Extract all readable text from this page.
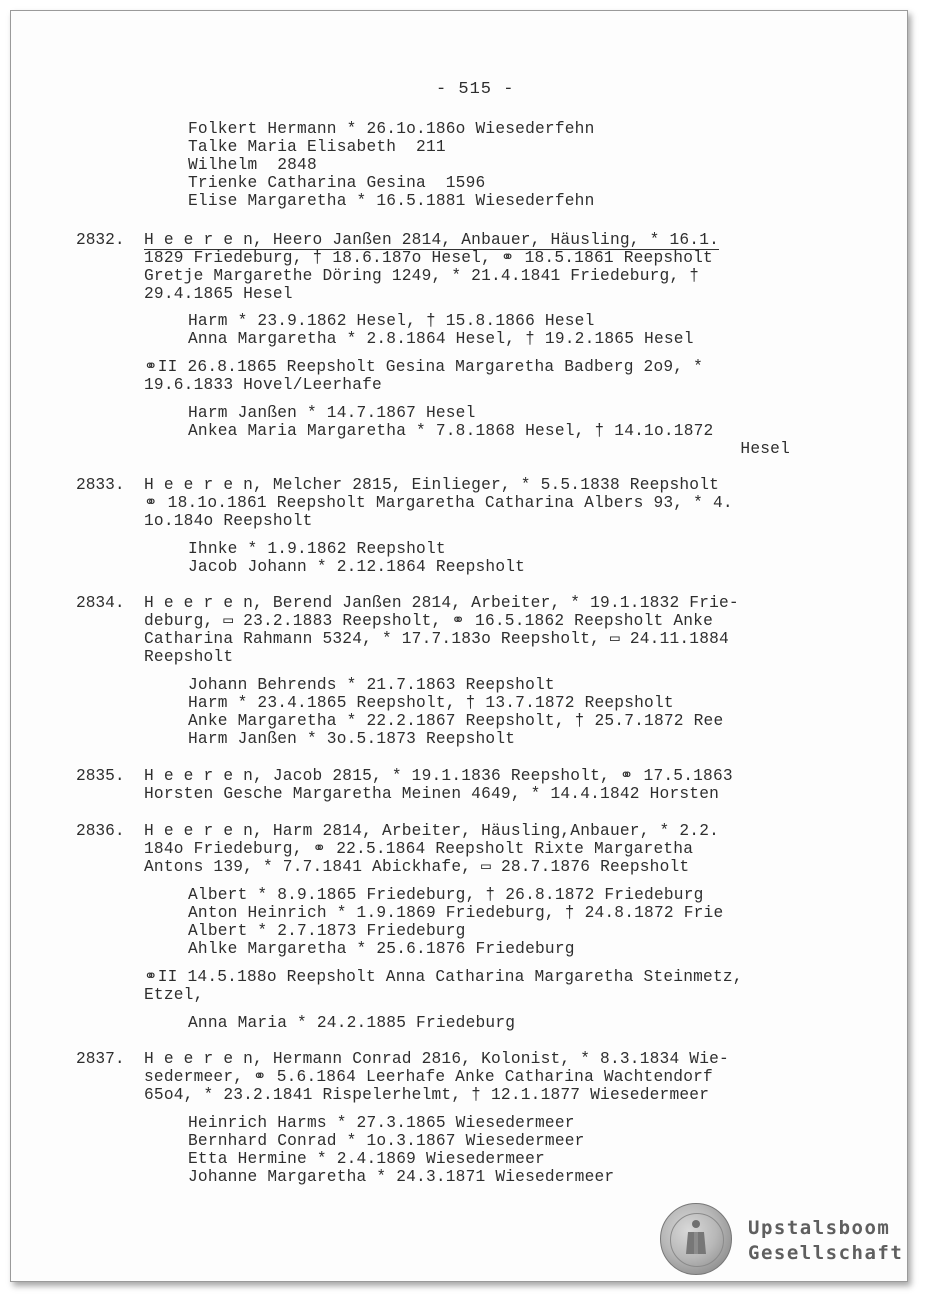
- 515 -
Folkert Hermann * 26.1o.186o Wiesederfehn
Talke Maria Elisabeth  211
Wilhelm  2848
Trienke Catharina Gesina  1596
Elise Margaretha * 16.5.1881 Wiesederfehn
2832. H e e r e n, Heero Janßen 2814, Anbauer, Häusling, * 16.1.
1829 Friedeburg, † 18.6.187o Hesel, ⚭ 18.5.1861 Reepsholt
Gretje Margarethe Döring 1249, * 21.4.1841 Friedeburg, †
29.4.1865 Hesel
Harm * 23.9.1862 Hesel, † 15.8.1866 Hesel
Anna Margaretha * 2.8.1864 Hesel, † 19.2.1865 Hesel
⚭II 26.8.1865 Reepsholt Gesina Margaretha Badberg 2o9, *
19.6.1833 Hovel/Leerhafe
Harm Janßen * 14.7.1867 Hesel
Ankea Maria Margaretha * 7.8.1868 Hesel, † 14.1o.1872
Hesel
2833. H e e r e n, Melcher 2815, Einlieger, * 5.5.1838 Reepsholt
⚭ 18.1o.1861 Reepsholt Margaretha Catharina Albers 93, * 4.
1o.184o Reepsholt
Ihnke * 1.9.1862 Reepsholt
Jacob Johann * 2.12.1864 Reepsholt
2834. H e e r e n, Berend Janßen 2814, Arbeiter, * 19.1.1832 Frie-
deburg, ▭ 23.2.1883 Reepsholt, ⚭ 16.5.1862 Reepsholt Anke
Catharina Rahmann 5324, * 17.7.183o Reepsholt, ▭ 24.11.1884
Reepsholt
Johann Behrends * 21.7.1863 Reepsholt
Harm * 23.4.1865 Reepsholt, † 13.7.1872 Reepsholt
Anke Margaretha * 22.2.1867 Reepsholt, † 25.7.1872 Ree
Harm Janßen * 3o.5.1873 Reepsholt
2835. H e e r e n, Jacob 2815, * 19.1.1836 Reepsholt, ⚭ 17.5.1863
Horsten Gesche Margaretha Meinen 4649, * 14.4.1842 Horsten
2836. H e e r e n, Harm 2814, Arbeiter, Häusling,Anbauer, * 2.2.
184o Friedeburg, ⚭ 22.5.1864 Reepsholt Rixte Margaretha
Antons 139, * 7.7.1841 Abickhafe, ▭ 28.7.1876 Reepsholt
Albert * 8.9.1865 Friedeburg, † 26.8.1872 Friedeburg
Anton Heinrich * 1.9.1869 Friedeburg, † 24.8.1872 Frie
Albert * 2.7.1873 Friedeburg
Ahlke Margaretha * 25.6.1876 Friedeburg
⚭II 14.5.188o Reepsholt Anna Catharina Margaretha Steinmetz,
Etzel,
Anna Maria * 24.2.1885 Friedeburg
2837. H e e r e n, Hermann Conrad 2816, Kolonist, * 8.3.1834 Wie-
sedermeer, ⚭ 5.6.1864 Leerhafe Anke Catharina Wachtendorf
65o4, * 23.2.1841 Rispelerhelmt, † 12.1.1877 Wiesedermeer
Heinrich Harms * 27.3.1865 Wiesedermeer
Bernhard Conrad * 1o.3.1867 Wiesedermeer
Etta Hermine * 2.4.1869 Wiesedermeer
Johanne Margaretha * 24.3.1871 Wiesedermeer
Upstalsboom
Gesellschaft
